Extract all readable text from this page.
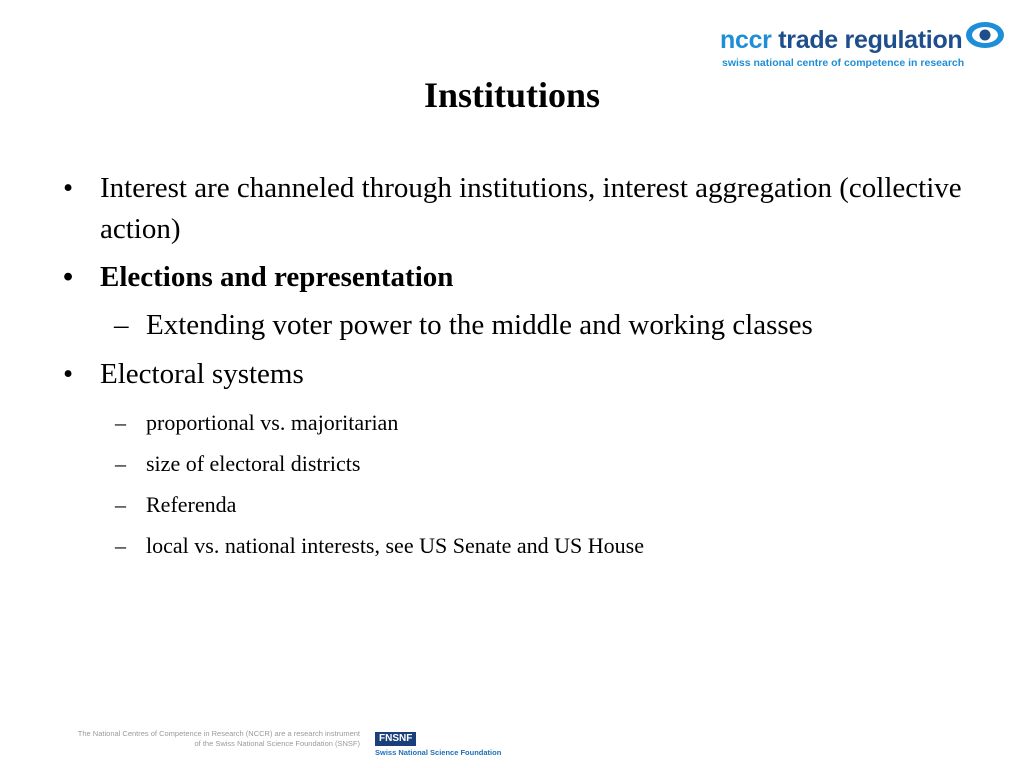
nccr trade regulation
swiss national centre of competence in research
Institutions
• Interest are channeled through institutions, interest aggregation (collective action)
• Elections and representation
– Extending voter power to the middle and working classes
• Electoral systems
– proportional vs. majoritarian
– size of electoral districts
– Referenda
– local vs. national interests, see US Senate and US House
The National Centres of Competence in Research (NCCR) are a research instrument
of the Swiss National Science Foundation (SNSF)	FNSNF
Swiss National Science Foundation
